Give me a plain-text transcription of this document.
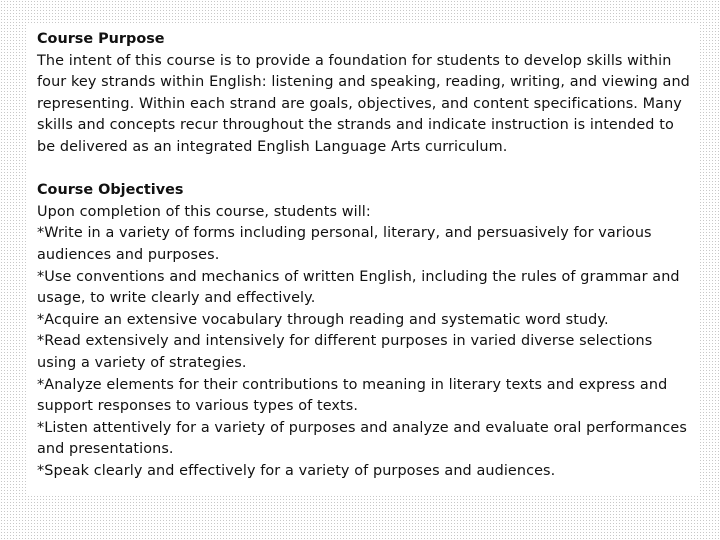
Course Purpose
The intent of this course is to provide a foundation for students to develop skills within four key strands within English: listening and speaking, reading, writing, and viewing and representing. Within each strand are goals, objectives, and content specifications. Many skills and concepts recur throughout the strands and indicate instruction is intended to be delivered as an integrated English Language Arts curriculum.
Course Objectives
Upon completion of this course, students will:
*Write in a variety of forms including personal, literary, and persuasively for various audiences and purposes.
*Use conventions and mechanics of written English, including the rules of grammar and usage, to write clearly and effectively.
*Acquire an extensive vocabulary through reading and systematic word study.
*Read extensively and intensively for different purposes in varied diverse selections using a variety of strategies.
*Analyze elements for their contributions to meaning in literary texts and express and support responses to various types of texts.
*Listen attentively for a variety of purposes and analyze and evaluate oral performances and presentations.
*Speak clearly and effectively for a variety of purposes and audiences.
